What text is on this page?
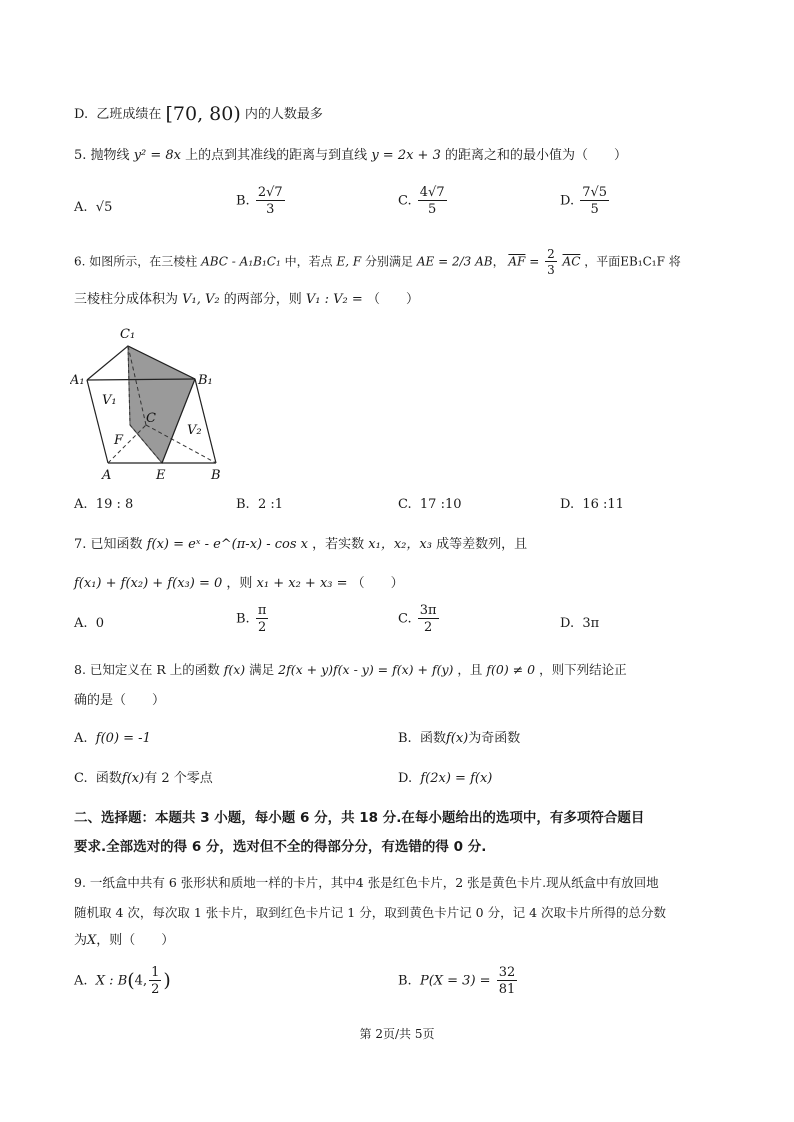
D. 乙班成绩在 [70, 80) 内的人数最多
5. 抛物线 y² = 8x 上的点到其准线的距离与到直线 y = 2x + 3 的距离之和的最小值为（　　）
A. √5	B. $\frac{2√7}{3}$	C. $\frac{4√7}{5}$	D. $\frac{7√5}{5}$
6. 如图所示，在三棱柱 ABC - A₁B₁C₁ 中，若点 E, F 分别满足 AE = 2/3 AB， $\overline{AF} = \frac{2}{3} \overline{AC}$ ，平面EB₁C₁F 将
三棱柱分成体积为 V₁, V₂ 的两部分，则 V₁ : V₂ = （　　）
C₁
A₁	B₁
V₁
V₂
C
F
A	E	B
A. 19 : 8	B. 2 :1	C. 17 :10	D. 16 :11
7. 已知函数 f(x) = eˣ - e^(π-x) - cos x ，若实数 x₁，x₂，x₃ 成等差数列，且
f(x₁) + f(x₂) + f(x₃) = 0 ，则 x₁ + x₂ + x₃ = （　　）
A. 0	B. $\frac{\pi}{2}$	C. $\frac{3\pi}{2}$	D. 3π
8. 已知定义在 R 上的函数 f(x) 满足 2f(x + y)f(x - y) = f(x) + f(y) ，且 f(0) ≠ 0 ，则下列结论正
确的是（　　）
A. f(0) = -1	B. 函数f(x)为奇函数
C. 函数f(x)有 2 个零点	D. f(2x) = f(x)
二、选择题：本题共 3 小题，每小题 6 分，共 18 分.在每小题给出的选项中，有多项符合题目
要求.全部选对的得 6 分，选对但不全的得部分分，有选错的得 0 分.
9. 一纸盒中共有 6 张形状和质地一样的卡片，其中4 张是红色卡片，2 张是黄色卡片.现从纸盒中有放回地
随机取 4 次，每次取 1 张卡片，取到红色卡片记 1 分，取到黄色卡片记 0 分，记 4 次取卡片所得的总分数
为X，则（　　）
A. X : B(4, $\frac{1}{2}$ )	B. $P(X = 3) = \frac{32}{81}$
第 2页/共 5页
